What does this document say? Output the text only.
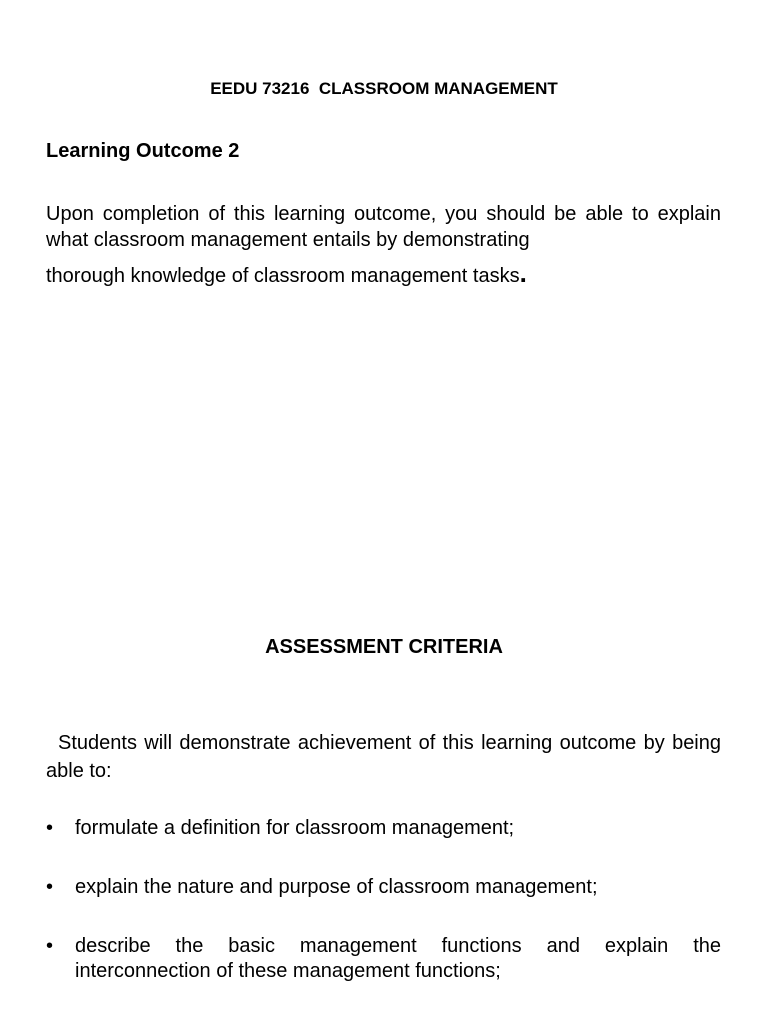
EEDU 73216  CLASSROOM MANAGEMENT
Learning Outcome 2
Upon completion of this learning outcome, you should be able to explain what classroom management entails by demonstrating
thorough knowledge of classroom management tasks.
ASSESSMENT CRITERIA
Students will demonstrate achievement of this learning outcome by being able to:
•	formulate a definition for classroom management;
•	explain the nature and purpose of classroom management;
•	describe the basic management functions and explain the interconnection of these management functions;
